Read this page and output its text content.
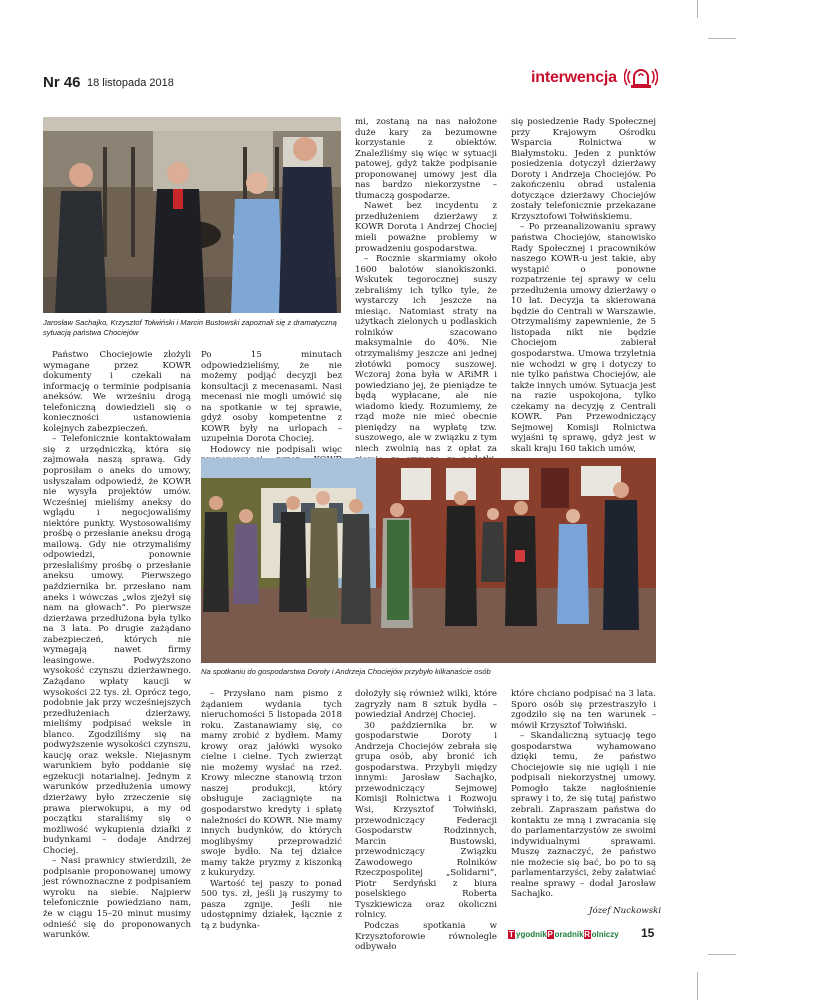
Nr 46 18 listopada 2018	interwencja
Jarosław Sachajko, Krzysztof Tołwiński i Marcin Bustowski zapoznali się z dramatyczną sytuacją państwa Chociejów

Państwo Chociejowie złożyli wymagane przez KOWR dokumenty i czekali na informację o terminie podpisania aneksów. We wrześniu drogą telefoniczną dowiedzieli się o konieczności ustanowienia kolejnych zabezpieczeń.

– Telefonicznie kontaktowałam się z urzędniczką, która się zajmowała naszą sprawą. Gdy poprosiłam o aneks do umowy, usłyszałam odpowiedź, że KOWR nie wysyła projektów umów. Wcześniej mieliśmy aneksy do wglądu i negocjowaliśmy niektóre punkty. Wystosowaliśmy prośbę o przesłanie aneksu drogą mailową. Gdy nie otrzymaliśmy odpowiedzi, ponownie przesłaliśmy prośbę o przesłanie aneksu umowy. Pierwszego października br. przesłano nam aneks i wówczas „włos zjeżył się nam na głowach”. Po pierwsze dzierżawa przedłużona była tylko na 3 lata. Po drugie zażądano zabezpieczeń, których nie wymagają nawet firmy leasingowe. Podwyższono wysokość czynszu dzierżawnego. Zażądano wpłaty kaucji w wysokości 22 tys. zł. Oprócz tego, podobnie jak przy wcześniejszych przedłużeniach dzierżawy, mieliśmy podpisać weksle in blanco. Zgodziliśmy się na podwyższenie wysokości czynszu, kaucję oraz weksle. Niejasnym warunkiem było poddanie się egzekucji notarialnej. Jednym z warunków przedłużenia umowy dzierżawy było zrzeczenie się prawa pierwokupu, a my od początku staraliśmy się o możliwość wykupienia działki z budynkami – dodaje Andrzej Chociej.

– Nasi prawnicy stwierdzili, że podpisanie proponowanej umowy jest równoznaczne z podpisaniem wyroku na siebie. Najpierw telefonicznie powiedziano nam, że w ciągu 15–20 minut musimy odnieść się do proponowanych warunków.

Po 15 minutach odpowiedzieliśmy, że nie możemy podjąć decyzji bez konsultacji z mecenasami. Nasi mecenasi nie mogli umówić się na spotkanie w tej sprawie, gdyż osoby kompetentne z KOWR były na urlopach – uzupełnia Dorota Chociej.

Hodowcy nie podpisali więc

mi, zostaną na nas nałożone duże kary za bezumowne korzystanie z obiektów. Znaleźliśmy się więc w sytuacji patowej, gdyż także podpisanie proponowanej umowy jest dla nas bardzo niekorzystne – tłumaczą gospodarze.

Nawet bez incydentu z przedłużeniem dzierżawy z KOWR Dorota i Andrzej Chociej mieli poważne problemy w prowadzeniu gospodarstwa.

– Rocznie skarmiamy około 1600 balotów sianokiszonki. Wskutek tegorocznej suszy zebraliśmy ich tylko tyle, że wystarczy ich jeszcze na miesiąc. Natomiast straty na użytkach zielonych u podlaskich rolników szacowano maksymalnie do 40%. Nie otrzymaliśmy jeszcze ani jednej złotówki pomocy suszowej. Wczoraj żona była w ARiMR i powiedziano jej, że pieniądze te będą wypłacane, ale nie wiadomo kiedy. Rozumiemy, że rząd może nie mieć obecnie pieniędzy na wypłatę tzw. suszowego, ale w związku z tym niech zwolnią nas z opłat za

się posiedzenie Rady Społecznej przy Krajowym Ośrodku Wsparcia Rolnictwa w Białymstoku. Jeden z punktów posiedzenia dotyczył dzierżawy Doroty i Andrzeja Chociejów. Po zakończeniu obrad ustalenia dotyczące dzierżawy Chociejów zostały telefonicznie przekazane Krzysztofowi Tołwińskiemu.

– Po przeanalizowaniu sprawy państwa Chociejów, stanowisko Rady Społecznej i pracowników naszego KOWR-u jest takie, aby wystąpić o ponowne rozpatrzenie tej sprawy w celu przedłużenia umowy dzierżawy o 10 lat. Decyzja ta skierowana będzie do Centrali w Warszawie. Otrzymaliśmy zapewnienie, że 5 listopada nikt nie będzie Chociejom zabierał gospodarstwa. Umowa trzyletnia nie wchodzi w grę i dotyczy to nie tylko państwa Chociejów, ale także innych umów. Sytuacja jest na razie uspokojona, tylko czekamy na decyzję z Centrali KOWR. Pan Przewodniczący Sejmowej Komisji Rolnictwa wyjaśni tę sprawę, gdyż jest w skali kraju 160 takich umów,

Na spotkaniu do gospodarstwa Doroty i Andrzeja Chociejów przybyło kilkanaście osób

– Przysłano nam pismo z żądaniem wydania tych nieruchomości 5 listopada 2018 roku. Zastanawiamy się, co mamy zrobić z bydłem. Mamy krowy oraz jałówki wysoko cielne i cielne. Tych zwierząt nie możemy wysłać na rzeź. Krowy mleczne stanowią trzon naszej produkcji, który obsługuje zaciągnięte na gospodarstwo kredyty i spłatę należności do KOWR. Nie mamy innych budynków, do których moglibyśmy przeprowadzić swoje bydło. Na tej działce mamy także pryzmy z kiszonką z kukurydzy.

Wartość tej paszy to ponad 500 tys. zł, jeśli ją ruszymy to pasza zgnije. Jeśli nie udostępnimy działek, łącznie z tą z budynka-

dołożyły się również wilki, które zagryzły nam 8 sztuk bydła – powiedział Andrzej Chociej.

30 października br. w gospodarstwie Doroty i Andrzeja Chociejów zebrała się grupa osób, aby bronić ich gospodarstwa. Przybyli między innymi: Jarosław Sachajko, przewodniczący Sejmowej Komisji Rolnictwa i Rozwoju Wsi, Krzysztof Tołwiński, przewodniczący Federacji Gospodarstw Rodzinnych, Marcin Bustowski, przewodniczący Związku Zawodowego Rolników Rzeczpospolitej „Solidarni”, Piotr Serdyński z biura poselskiego Roberta Tyszkiewicza oraz okoliczni rolnicy.

Podczas spotkania w Krzysztoforowie równolegle odbywało

które chciano podpisać na 3 lata. Sporo osób się przestraszyło i zgodziło się na ten warunek – mówił Krzysztof Tołwiński.

– Skandaliczną sytuację tego gospodarstwa wyhamowano dzięki temu, że państwo Chociejowie się nie ugięli i nie podpisali niekorzystnej umowy. Pomogło także nagłośnienie sprawy i to, że się tutaj państwo zebrali. Zapraszam państwa do kontaktu ze mną i zwracania się do parlamentarzystów ze swoimi indywidualnymi sprawami. Muszę zaznaczyć, że państwo nie możecie się bać, bo po to są parlamentarzyści, żeby załatwiać realne sprawy – dodał Jarosław Sachajko.

Józef Nuckowski
T ygodnikP oradnikR olniczy 15
